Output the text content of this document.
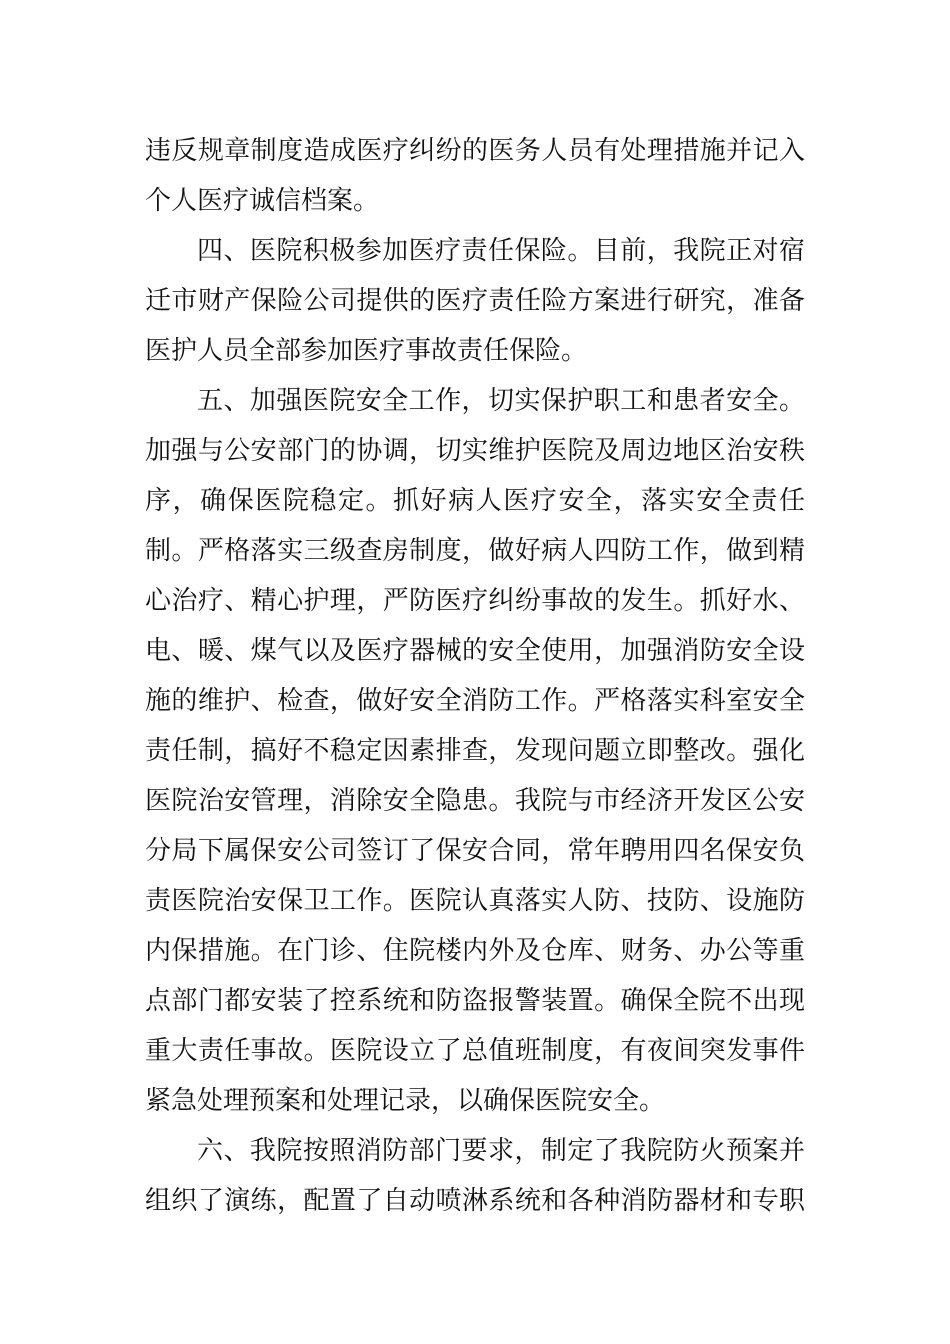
违反规章制度造成医疗纠纷的医务人员有处理措施并记入
个人医疗诚信档案。
四、医院积极参加医疗责任保险。目前，我院正对宿
迁市财产保险公司提供的医疗责任险方案进行研究，准备
医护人员全部参加医疗事故责任保险。
五、加强医院安全工作，切实保护职工和患者安全。
加强与公安部门的协调，切实维护医院及周边地区治安秩
序，确保医院稳定。抓好病人医疗安全，落实安全责任
制。严格落实三级查房制度，做好病人四防工作，做到精
心治疗、精心护理，严防医疗纠纷事故的发生。抓好水、
电、暖、煤气以及医疗器械的安全使用，加强消防安全设
施的维护、检查，做好安全消防工作。严格落实科室安全
责任制，搞好不稳定因素排查，发现问题立即整改。强化
医院治安管理，消除安全隐患。我院与市经济开发区公安
分局下属保安公司签订了保安合同，常年聘用四名保安负
责医院治安保卫工作。医院认真落实人防、技防、设施防
内保措施。在门诊、住院楼内外及仓库、财务、办公等重
点部门都安装了控系统和防盗报警装置。确保全院不出现
重大责任事故。医院设立了总值班制度，有夜间突发事件
紧急处理预案和处理记录，以确保医院安全。
六、我院按照消防部门要求，制定了我院防火预案并
组织了演练，配置了自动喷淋系统和各种消防器材和专职
